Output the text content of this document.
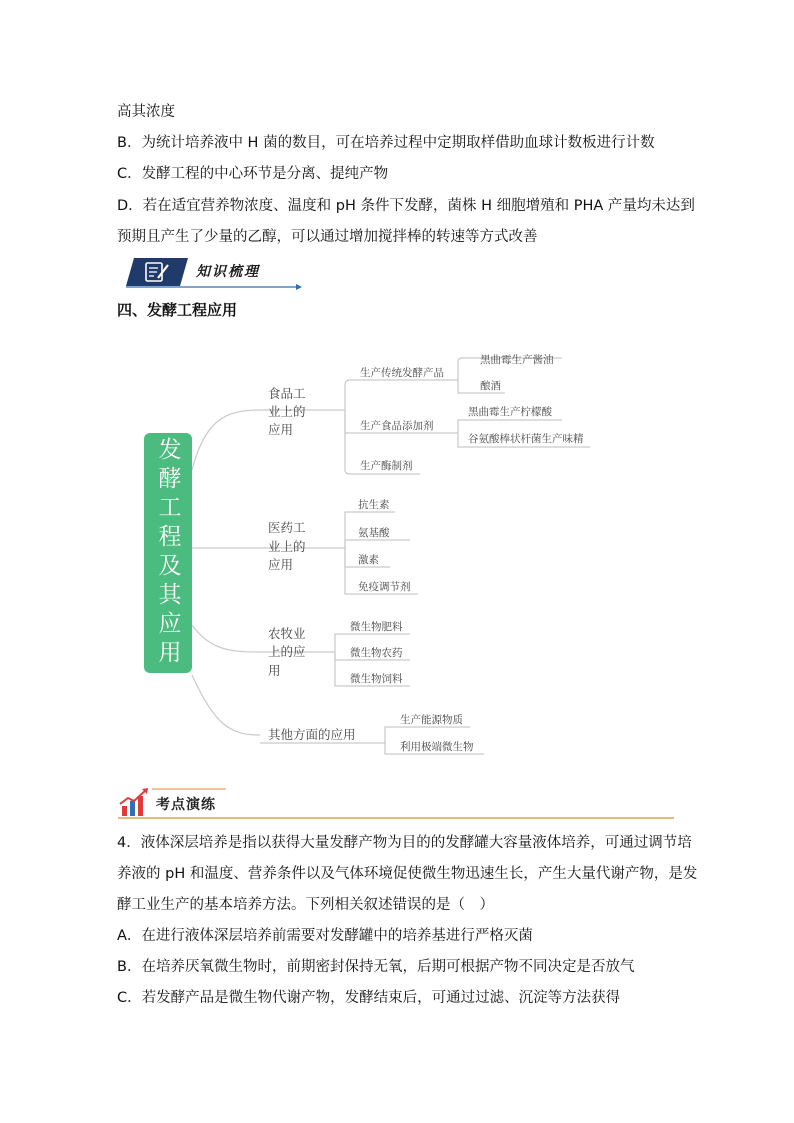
高其浓度
B．为统计培养液中 H 菌的数目，可在培养过程中定期取样借助血球计数板进行计数
C．发酵工程的中心环节是分离、提纯产物
D．若在适宜营养物浓度、温度和 pH 条件下发酵，菌株 H 细胞增殖和 PHA 产量均未达到
预期且产生了少量的乙醇，可以通过增加搅拌棒的转速等方式改善
知识梳理
四、发酵工程应用
食品工
业上的
应用
医药工
业上的
应用
农牧业
上的应
用
其他方面的应用
生产传统发酵产品
黑曲霉生产酱油
酿酒
生产食品添加剂
黑曲霉生产柠檬酸
谷氨酸棒状杆菌生产味精
生产酶制剂
抗生素
氨基酸
激素
免疫调节剂
微生物肥料
微生物农药
微生物饲料
生产能源物质
利用极端微生物
发酵工程及其应用
考点演练
4．液体深层培养是指以获得大量发酵产物为目的的发酵罐大容量液体培养，可通过调节培
养液的 pH 和温度、营养条件以及气体环境促使微生物迅速生长，产生大量代谢产物，是发
酵工业生产的基本培养方法。下列相关叙述错误的是（　）
A．在进行液体深层培养前需要对发酵罐中的培养基进行严格灭菌
B．在培养厌氧微生物时，前期密封保持无氧，后期可根据产物不同决定是否放气
C．若发酵产品是微生物代谢产物，发酵结束后，可通过过滤、沉淀等方法获得
